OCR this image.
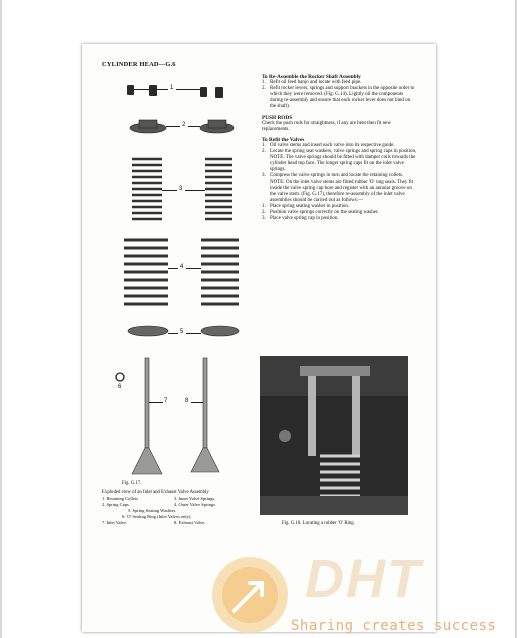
CYLINDER HEAD—G.6
1
2
3
4
5
6
7	8
Fig. G.17.
Exploded view of an Inlet and Exhaust Valve Assembly
1. Retaining Collets	3. Inner Valve Springs.
2. Spring Caps.	4. Outer Valve Springs.
5. Spring Seating Washers.
6. 'O' Sealing Ring (Inlet Valves only).
7. Inlet Valve.	8. Exhaust Valve.
To Re-Assemble the Rocker Shaft Assembly
1. Refit oil feed banjo and locate with feed pipe.
2. Refit rocker levers, springs and support brackets in the opposite order to which they were removed. (Fig. G.14). Lightly oil the components during re-assembly and ensure that each rocker lever does not bind on the shaft).
PUSH RODS

Check the push rods for straightness, if any are bent then fit new replacements.

To Refit the Valves
1. Oil valve stems and insert each valve into its respective guide.
2. Locate the spring seat washers, valve springs and spring caps in position,

NOTE: The valve springs should be fitted with damper coils towards the cylinder head top face. The longer spring caps fit on the inlet valve springs.

3. Compress the valve springs in turn and locate the retaining collets.

NOTE: On the inlet valve stems are fitted rubber 'O' ring seals. They fit inside the valve spring cap bore and register with an annular groove on the valve stem. (Fig. G.17), therefore re-assembly of the inlet valve assemblies should be carried out as follows:—

1. Place spring seating washer in position.
2. Position valve springs correctly on the seating washer.
3. Place valve spring cap in position.
Fig. G.18. Locating a rubber 'O' Ring.
DHT
Sharing creates success
